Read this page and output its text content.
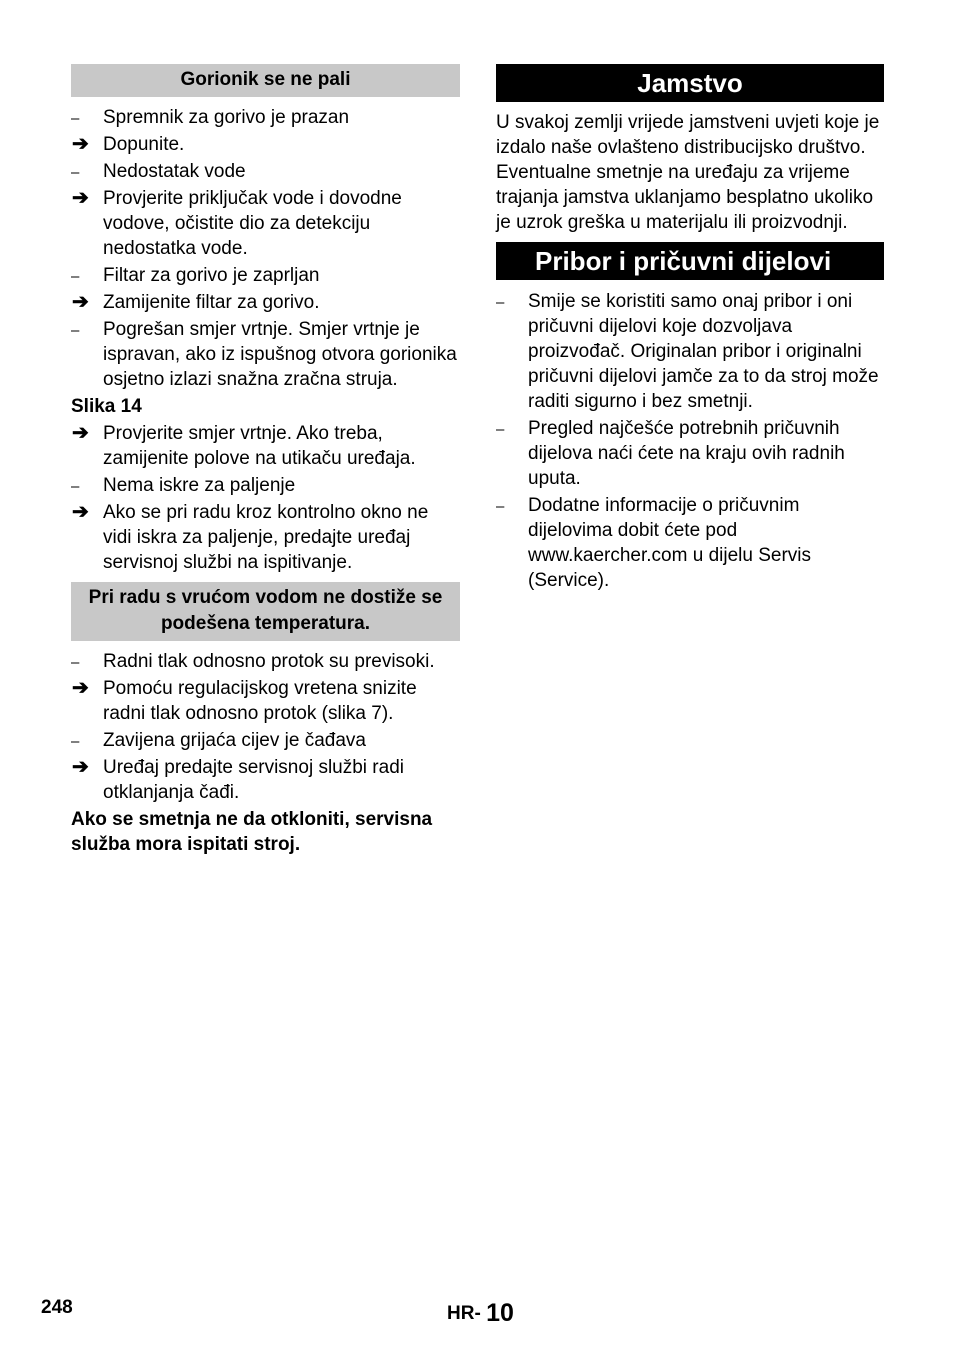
Gorionik se ne pali
–	Spremnik za gorivo je prazan
➔ Dopunite.
–	Nedostatak vode
➔ Provjerite priključak vode i dovodne vodove, očistite dio za detekciju nedostatka vode.
–	Filtar za gorivo je zaprljan
➔ Zamijenite filtar za gorivo.
–	Pogrešan smjer vrtnje. Smjer vrtnje je ispravan, ako iz ispušnog otvora gorionika osjetno izlazi snažna zračna struja.
Slika 14
➔ Provjerite smjer vrtnje. Ako treba, zamijenite polove na utikaču uređaja.
–	Nema iskre za paljenje
➔ Ako se pri radu kroz kontrolno okno ne vidi iskra za paljenje, predajte uređaj servisnoj službi na ispitivanje.
Pri radu s vrućom vodom ne dostiže se podešena temperatura.
–	Radni tlak odnosno protok su previsoki.
➔ Pomoću regulacijskog vretena snizite radni tlak odnosno protok (slika 7).
–	Zavijena grijaća cijev je čađava
➔ Uređaj predajte servisnoj službi radi otklanjanja čađi.
Ako se smetnja ne da otkloniti, servisna služba mora ispitati stroj.
Jamstvo
U svakoj zemlji vrijede jamstveni uvjeti koje je izdalo naše ovlašteno distribucijsko društvo. Eventualne smetnje na uređaju za vrijeme trajanja jamstva uklanjamo besplatno ukoliko je uzrok greška u materijalu ili proizvodnji.
Pribor i pričuvni dijelovi
–	Smije se koristiti samo onaj pribor i oni pričuvni dijelovi koje dozvoljava proizvođač. Originalan pribor i originalni pričuvni dijelovi jamče za to da stroj može raditi sigurno i bez smetnji.
–	Pregled najčešće potrebnih pričuvnih dijelova naći ćete na kraju ovih radnih uputa.
–	Dodatne informacije o pričuvnim dijelovima dobit ćete pod www.kaercher.com u dijelu Servis (Service).
248	HR- 10
